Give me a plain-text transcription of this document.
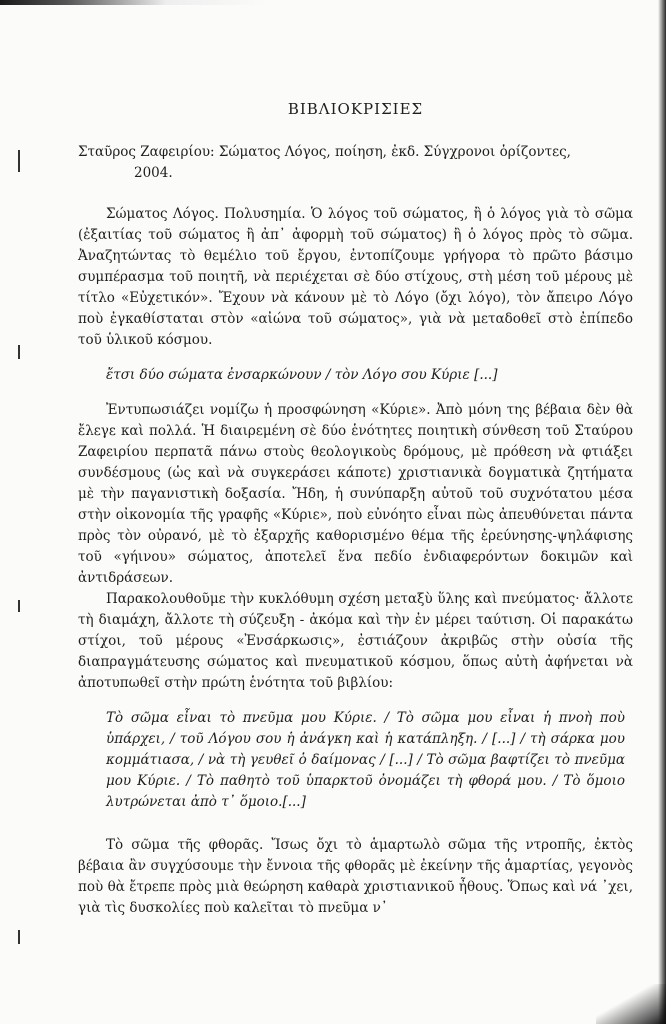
ΒΙΒΛΙΟΚΡΙΣΙΕΣ

Σταῦρος Ζαφειρίου: Σώματος Λόγος, ποίηση, ἐκδ. Σύγχρονοι ὁρίζοντες,

2004.

Σώματος Λόγος. Πολυσημία. Ὁ λόγος τοῦ σώματος, ἢ ὁ λόγος γιὰ τὸ σῶμα (ἐξαιτίας τοῦ σώματος ἢ ἀπ᾿ ἀφορμὴ τοῦ σώματος) ἢ ὁ λόγος πρὸς τὸ σῶμα. Ἀναζητώντας τὸ θεμέλιο τοῦ ἔργου, ἐντοπίζουμε γρήγορα τὸ πρῶτο βάσιμο συμπέρασμα τοῦ ποιητῆ, νὰ περιέχεται σὲ δύο στίχους, στὴ μέση τοῦ μέρους μὲ τίτλο «Εὐχετικόν». Ἔχουν νὰ κάνουν μὲ τὸ Λόγο (ὄχι λόγο), τὸν ἄπειρο Λόγο ποὺ ἐγκαθίσταται στὸν «αἰώνα τοῦ σώματος», γιὰ νὰ μεταδοθεῖ στὸ ἐπίπεδο τοῦ ὑλικοῦ κόσμου.

ἔτσι δύο σώματα ἐνσαρκώνουν / τὸν Λόγο σου Κύριε [...]

Ἐντυπωσιάζει νομίζω ἡ προσφώνηση «Κύριε». Ἀπὸ μόνη της βέβαια δὲν θὰ ἔλεγε καὶ πολλά. Ἡ διαιρεμένη σὲ δύο ἑνότητες ποιητικὴ σύνθεση τοῦ Σταύρου Ζαφειρίου περπατᾶ πάνω στοὺς θεολογικοὺς δρόμους, μὲ πρόθεση νὰ φτιάξει συνδέσμους (ὡς καὶ νὰ συγκεράσει κάποτε) χριστιανικὰ δογματικὰ ζητήματα μὲ τὴν παγανιστικὴ δοξασία. Ἤδη, ἡ συνύπαρξη αὐτοῦ τοῦ συχνότατου μέσα στὴν οἰκονομία τῆς γραφῆς «Κύριε», ποὺ εὐνόητο εἶναι πὼς ἀπευθύνεται πάντα πρὸς τὸν οὐρανό, μὲ τὸ ἐξαρχῆς καθορισμένο θέμα τῆς ἐρεύνησης-ψηλάφισης τοῦ «γήινου» σώματος, ἀποτελεῖ ἕνα πεδίο ἐνδιαφερόντων δοκιμῶν καὶ ἀντιδράσεων.

Παρακολουθοῦμε τὴν κυκλόθυμη σχέση μεταξὺ ὕλης καὶ πνεύματος· ἄλλοτε τὴ διαμάχη, ἄλλοτε τὴ σύζευξη - ἀκόμα καὶ τὴν ἐν μέρει ταύτιση. Οἱ παρακάτω στίχοι, τοῦ μέρους «Ἐνσάρκωσις», ἐστιάζουν ἀκριβῶς στὴν οὐσία τῆς διαπραγμάτευσης σώματος καὶ πνευματικοῦ κόσμου, ὅπως αὐτὴ ἀφήνεται νὰ ἀποτυπωθεῖ στὴν πρώτη ἑνότητα τοῦ βιβλίου:

Τὸ σῶμα εἶναι τὸ πνεῦμα μου Κύριε. / Τὸ σῶμα μου εἶναι ἡ πνοὴ ποὺ ὑπάρχει, / τοῦ Λόγου σου ἡ ἀνάγκη καὶ ἡ κατάπληξη. / [...] / τὴ σάρκα μου κομμάτιασα, / νὰ τὴ γευθεῖ ὁ δαίμονας / [...] / Τὸ σῶμα βαφτίζει τὸ πνεῦμα μου Κύριε. / Τὸ παθητὸ τοῦ ὑπαρκτοῦ ὀνομάζει τὴ φθορά μου. / Τὸ ὅμοιο λυτρώνεται ἀπὸ τ᾿ ὅμοιο.[...]

Τὸ σῶμα τῆς φθορᾶς. Ἴσως ὄχι τὸ ἁμαρτωλὸ σῶμα τῆς ντροπῆς, ἐκτὸς βέβαια ἂν συγχύσουμε τὴν ἔννοια τῆς φθορᾶς μὲ ἐκείνην τῆς ἁμαρτίας, γεγονὸς ποὺ θὰ ἔτρεπε πρὸς μιὰ θεώρηση καθαρὰ χριστιανικοῦ ἦθους. Ὅπως καὶ νά ᾿χει, γιὰ τὶς δυσκολίες ποὺ καλεῖται τὸ πνεῦμα ν᾿
